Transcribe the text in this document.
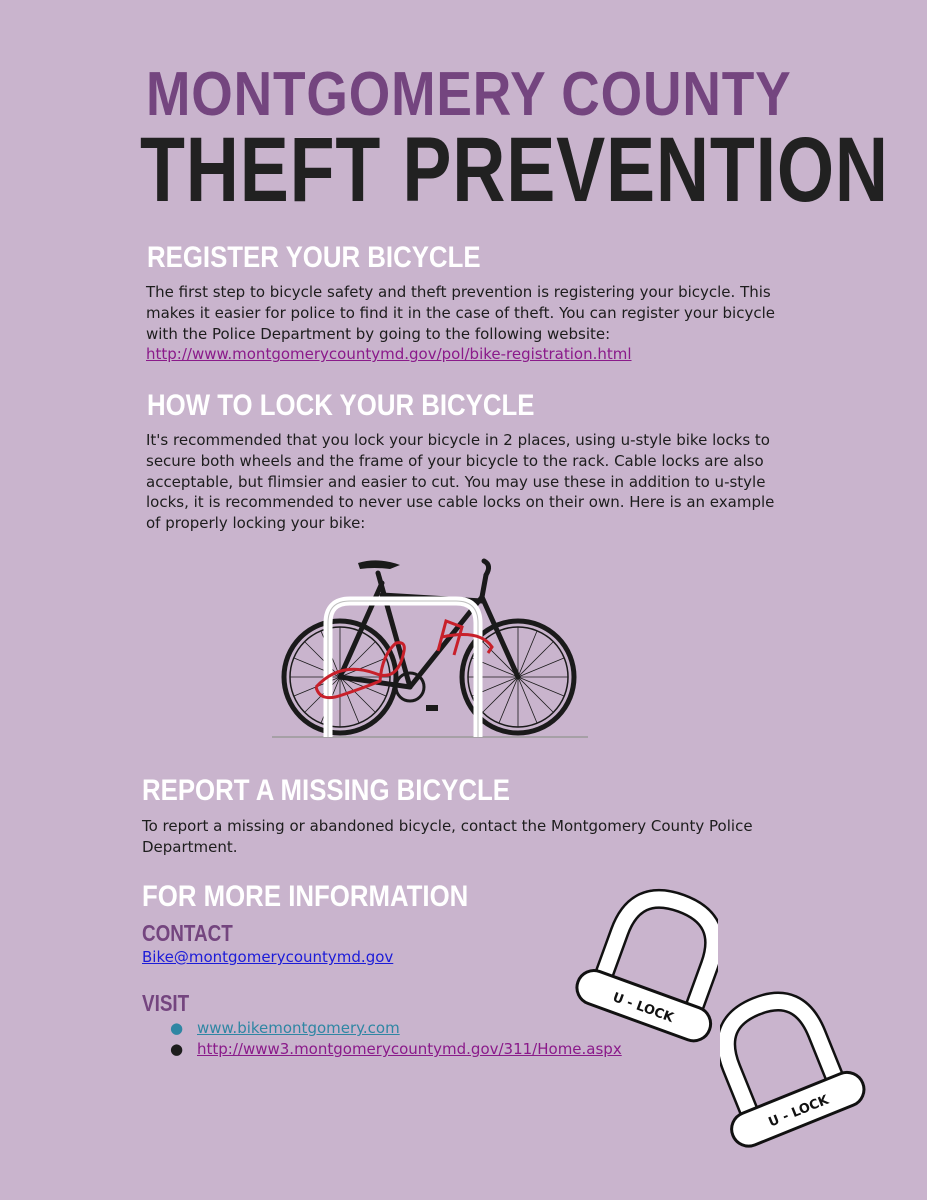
MONTGOMERY COUNTY
THEFT PREVENTION
REGISTER YOUR BICYCLE
The first step to bicycle safety and theft prevention is registering your bicycle. This
makes it easier for police to find it in the case of theft. You can register your bicycle
with the Police Department by going to the following website:
http://www.montgomerycountymd.gov/pol/bike-registration.html
HOW TO LOCK YOUR BICYCLE
It's recommended that you lock your bicycle in 2 places, using u-style bike locks to
secure both wheels and the frame of your bicycle to the rack. Cable locks are also
acceptable, but flimsier and easier to cut. You may use these in addition to u-style
locks, it is recommended to never use cable locks on their own. Here is an example
of properly locking your bike:
REPORT A MISSING BICYCLE
To report a missing or abandoned bicycle, contact the Montgomery County Police
Department.
FOR MORE INFORMATION
CONTACT
Bike@montgomerycountymd.gov
VISIT
● www.bikemontgomery.com
● http://www3.montgomerycountymd.gov/311/Home.aspx
U - LOCK
U - LOCK
